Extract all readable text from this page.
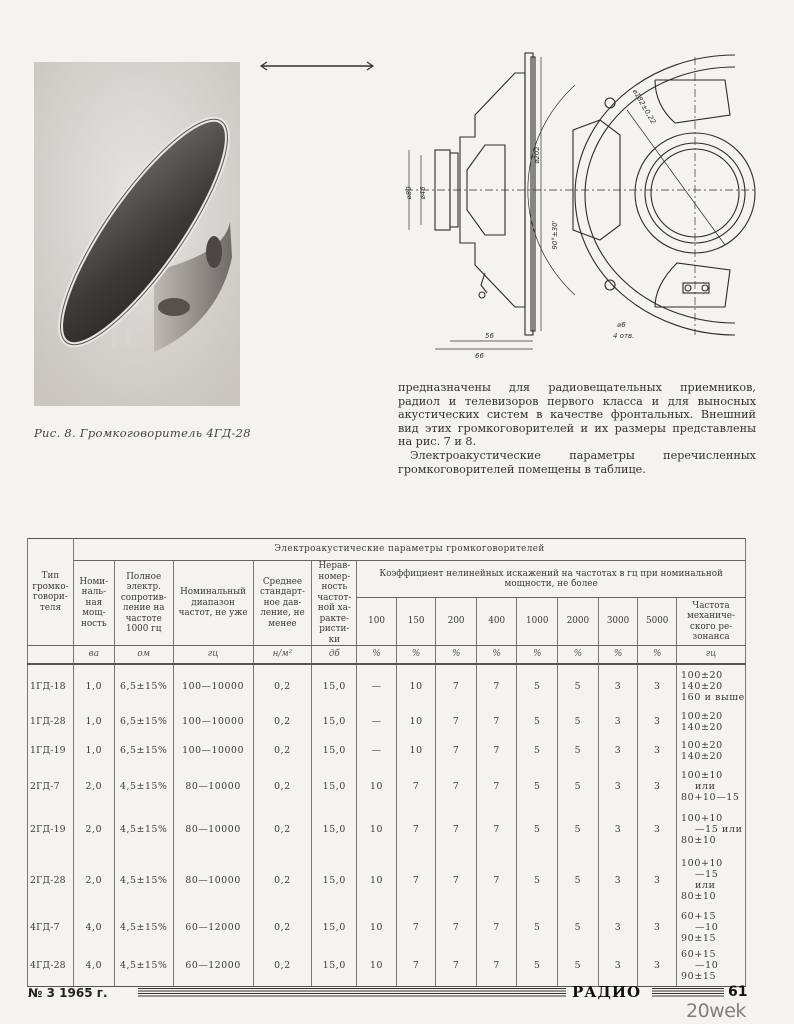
Рис. 8. Громкоговоритель 4ГД-28
⌀80 ⌀46
⌀202
90°±30'
⌀182±0,22
⌀6
4 отв.
56
66

предназначены для радиовещательных приемников, радиол и телевизоров первого класса и для выносных акустических систем в качестве фронтальных. Внешний вид этих громкоговорителей и их размеры представлены на рис. 7 и 8.

Электроакустические параметры перечисленных громкоговорителей помещены в таблице.

Тип громко-говори-теля	Электроакустические параметры громкоговорителей													
	Номи-наль-ная мощ-ность	Полное электр. сопротив-ление на частоте 1000 гц	Номинальный диапазон частот, не уже	Среднее стандарт-ное дав-ление, не менее	Нерав-номер-ность частот-ной ха-ракте-ристи-ки	Коэффициент нелинейных искажений на частотах в гц при номинальной мощности, не более								
						100	150	200	400	1000	2000	3000	5000	Частота механиче-ского ре-зонанса
	ва	ом	гц	н/м²	дб	%	%	%	%	%	%	%	%	гц
1ГД-18	1,0	6,5±15%	100—10000	0,2	15,0	—	10	7	7	5	5	3	3	100±20
140±20
160 и выше

1ГД-28	1,0	6,5±15%	100—10000	0,2	15,0	—	10	7	7	5	5	3	3	100±20
140±20

1ГД-19	1,0	6,5±15%	100—10000	0,2	15,0	—	10	7	7	5	5	3	3	100±20
140±20

2ГД-7	2,0	4,5±15%	80—10000	0,2	15,0	10	7	7	7	5	5	3	3	100±10
или
80+10—15

2ГД-19	2,0	4,5±15%	80—10000	0,2	15,0	10	7	7	7	5	5	3	3	100+10
—15 или
80±10

2ГД-28	2,0	4,5±15%	80—10000	0,2	15,0	10	7	7	7	5	5	3	3	100+10
—15
или
80±10

4ГД-7	4,0	4,5±15%	60—12000	0,2	15,0	10	7	7	7	5	5	3	3	60+15
—10
90±15

4ГД-28	4,0	4,5±15%	60—12000	0,2	15,0	10	7	7	7	5	5	3	3	60+15
—10
90±15
№ 3 1965 г.	РАДИО	61
20wek
